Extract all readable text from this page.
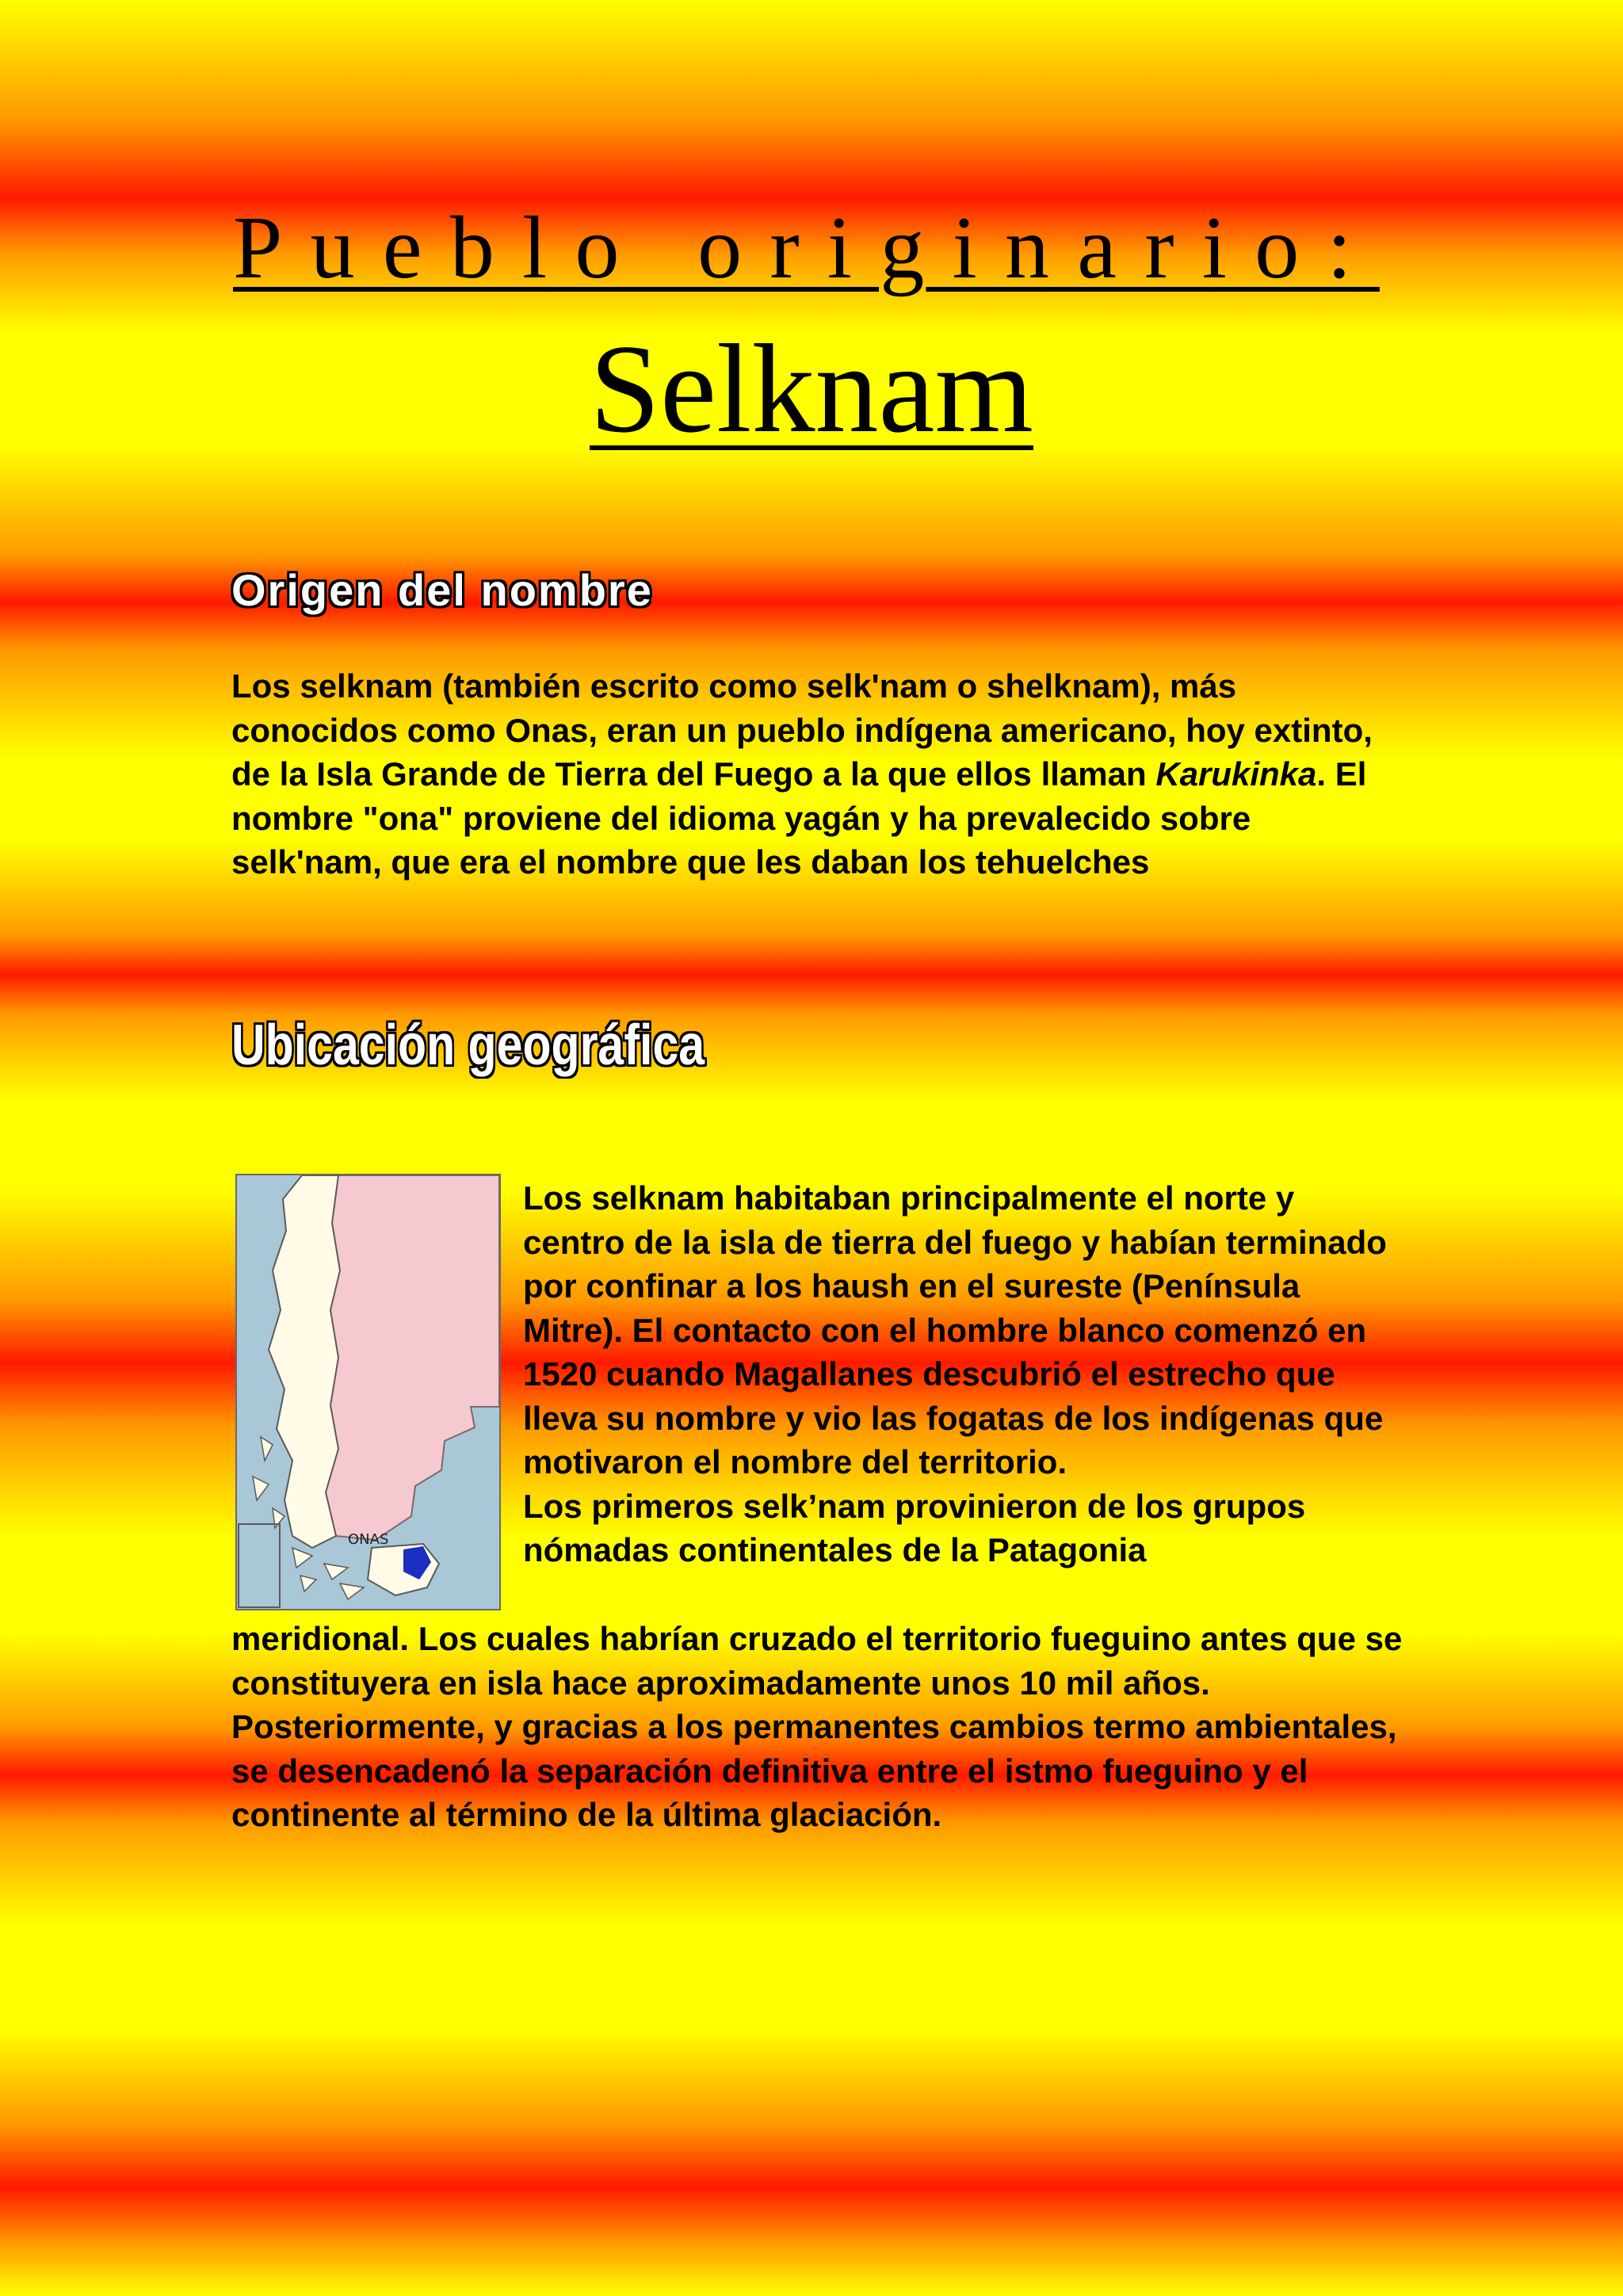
Pueblo originario:
Selknam
Origen del nombre
Los selknam (también escrito como selk'nam o shelknam), más conocidos como Onas, eran un pueblo indígena americano, hoy extinto, de la Isla Grande de Tierra del Fuego a la que ellos llaman Karukinka. El nombre "ona" proviene del idioma yagán y ha prevalecido sobre selk'nam, que era el nombre que les daban los tehuelches
Ubicación geográfica
ONAS
Los selknam habitaban principalmente el norte y centro de la isla de tierra del fuego y habían terminado por confinar a los haush en el sureste (Península Mitre). El contacto con el hombre blanco comenzó en 1520 cuando Magallanes descubrió el estrecho que lleva su nombre y vio las fogatas de los indígenas que motivaron el nombre del territorio.
Los primeros selk’nam provinieron de los grupos nómadas continentales de la Patagonia
meridional. Los cuales habrían cruzado el territorio fueguino antes que se constituyera en isla hace aproximadamente unos 10 mil años.
Posteriormente, y gracias a los permanentes cambios termo ambientales, se desencadenó la separación definitiva entre el istmo fueguino y el continente al término de la última glaciación.
